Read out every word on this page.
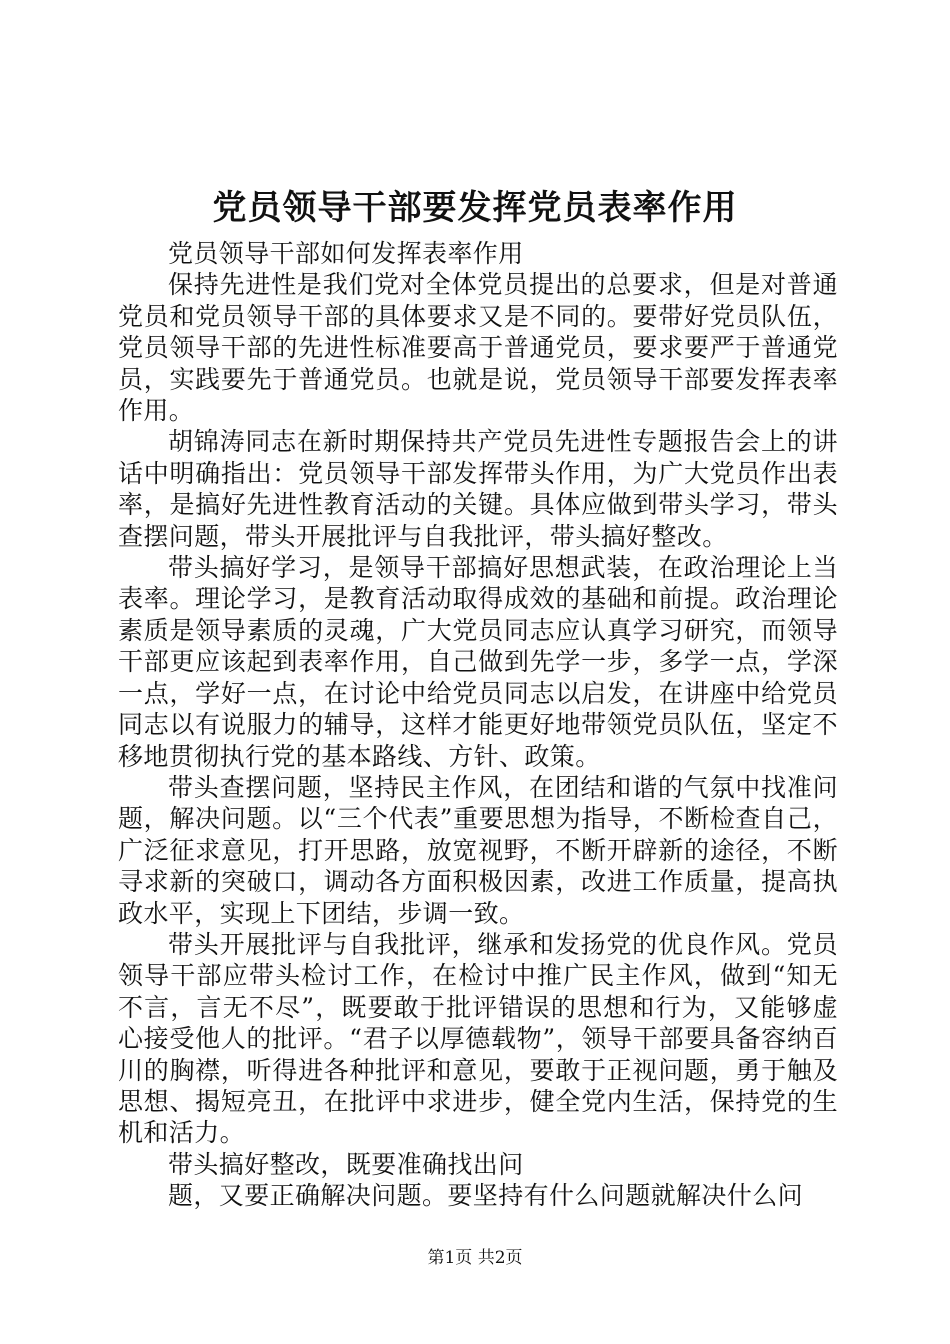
党员领导干部要发挥党员表率作用

党员领导干部如何发挥表率作用

保持先进性是我们党对全体党员提出的总要求，但是对普通党员和党员领导干部的具体要求又是不同的。要带好党员队伍，党员领导干部的先进性标准要高于普通党员，要求要严于普通党员，实践要先于普通党员。也就是说，党员领导干部要发挥表率作用。

胡锦涛同志在新时期保持共产党员先进性专题报告会上的讲话中明确指出：党员领导干部发挥带头作用，为广大党员作出表率，是搞好先进性教育活动的关键。具体应做到带头学习，带头查摆问题，带头开展批评与自我批评，带头搞好整改。

带头搞好学习，是领导干部搞好思想武装，在政治理论上当表率。理论学习，是教育活动取得成效的基础和前提。政治理论素质是领导素质的灵魂，广大党员同志应认真学习研究，而领导干部更应该起到表率作用，自己做到先学一步，多学一点，学深一点，学好一点，在讨论中给党员同志以启发，在讲座中给党员同志以有说服力的辅导，这样才能更好地带领党员队伍，坚定不移地贯彻执行党的基本路线、方针、政策。

带头查摆问题，坚持民主作风，在团结和谐的气氛中找准问题，解决问题。以“三个代表”重要思想为指导，不断检查自己，广泛征求意见，打开思路，放宽视野，不断开辟新的途径，不断寻求新的突破口，调动各方面积极因素，改进工作质量，提高执政水平，实现上下团结，步调一致。

带头开展批评与自我批评，继承和发扬党的优良作风。党员领导干部应带头检讨工作，在检讨中推广民主作风，做到“知无不言，言无不尽”，既要敢于批评错误的思想和行为，又能够虚心接受他人的批评。“君子以厚德载物”，领导干部要具备容纳百川的胸襟，听得进各种批评和意见，要敢于正视问题，勇于触及思想、揭短亮丑，在批评中求进步，健全党内生活，保持党的生机和活力。

带头搞好整改，既要准确找出问

题，又要正确解决问题。要坚持有什么问题就解决什么问

第1页 共2页
